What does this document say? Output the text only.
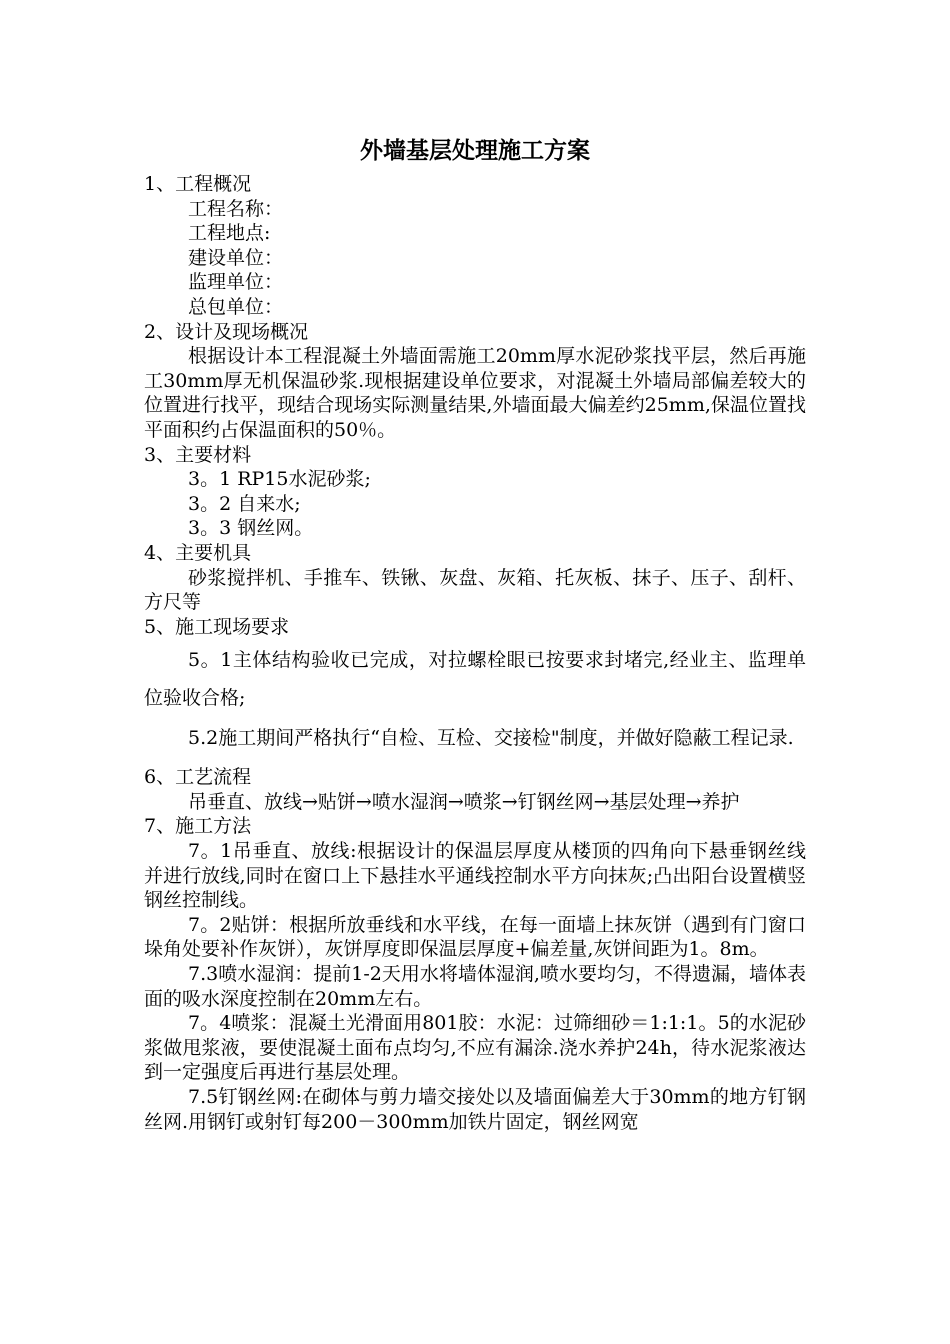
外墙基层处理施工方案

1、工程概况

工程名称：

工程地点:

建设单位：

监理单位：

总包单位：

2、设计及现场概况

根据设计本工程混凝土外墙面需施工20mm厚水泥砂浆找平层，然后再施工30mm厚无机保温砂浆.现根据建设单位要求，对混凝土外墙局部偏差较大的位置进行找平，现结合现场实际测量结果,外墙面最大偏差约25mm,保温位置找平面积约占保温面积的50％。

3、主要材料

3。1 RP15水泥砂浆;

3。2 自来水;

3。3 钢丝网。

4、主要机具

砂浆搅拌机、手推车、铁锹、灰盘、灰箱、托灰板、抹子、压子、刮杆、方尺等

5、施工现场要求

5。1主体结构验收已完成，对拉螺栓眼已按要求封堵完,经业主、监理单位验收合格;

5.2施工期间严格执行“自检、互检、交接检"制度，并做好隐蔽工程记录.

6、工艺流程

吊垂直、放线→贴饼→喷水湿润→喷浆→钉钢丝网→基层处理→养护

7、施工方法

7。1吊垂直、放线:根据设计的保温层厚度从楼顶的四角向下悬垂钢丝线并进行放线,同时在窗口上下悬挂水平通线控制水平方向抹灰;凸出阳台设置横竖钢丝控制线。

7。2贴饼：根据所放垂线和水平线，在每一面墙上抹灰饼（遇到有门窗口垛角处要补作灰饼），灰饼厚度即保温层厚度+偏差量,灰饼间距为1。8m。

7.3喷水湿润：提前1-2天用水将墙体湿润,喷水要均匀，不得遗漏，墙体表面的吸水深度控制在20mm左右。

7。4喷浆：混凝土光滑面用801胶：水泥：过筛细砂＝1:1:1。5的水泥砂浆做甩浆液，要使混凝土面布点均匀,不应有漏涂.浇水养护24h，待水泥浆液达到一定强度后再进行基层处理。

7.5钉钢丝网:在砌体与剪力墙交接处以及墙面偏差大于30mm的地方钉钢丝网.用钢钉或射钉每200－300mm加铁片固定，钢丝网宽
